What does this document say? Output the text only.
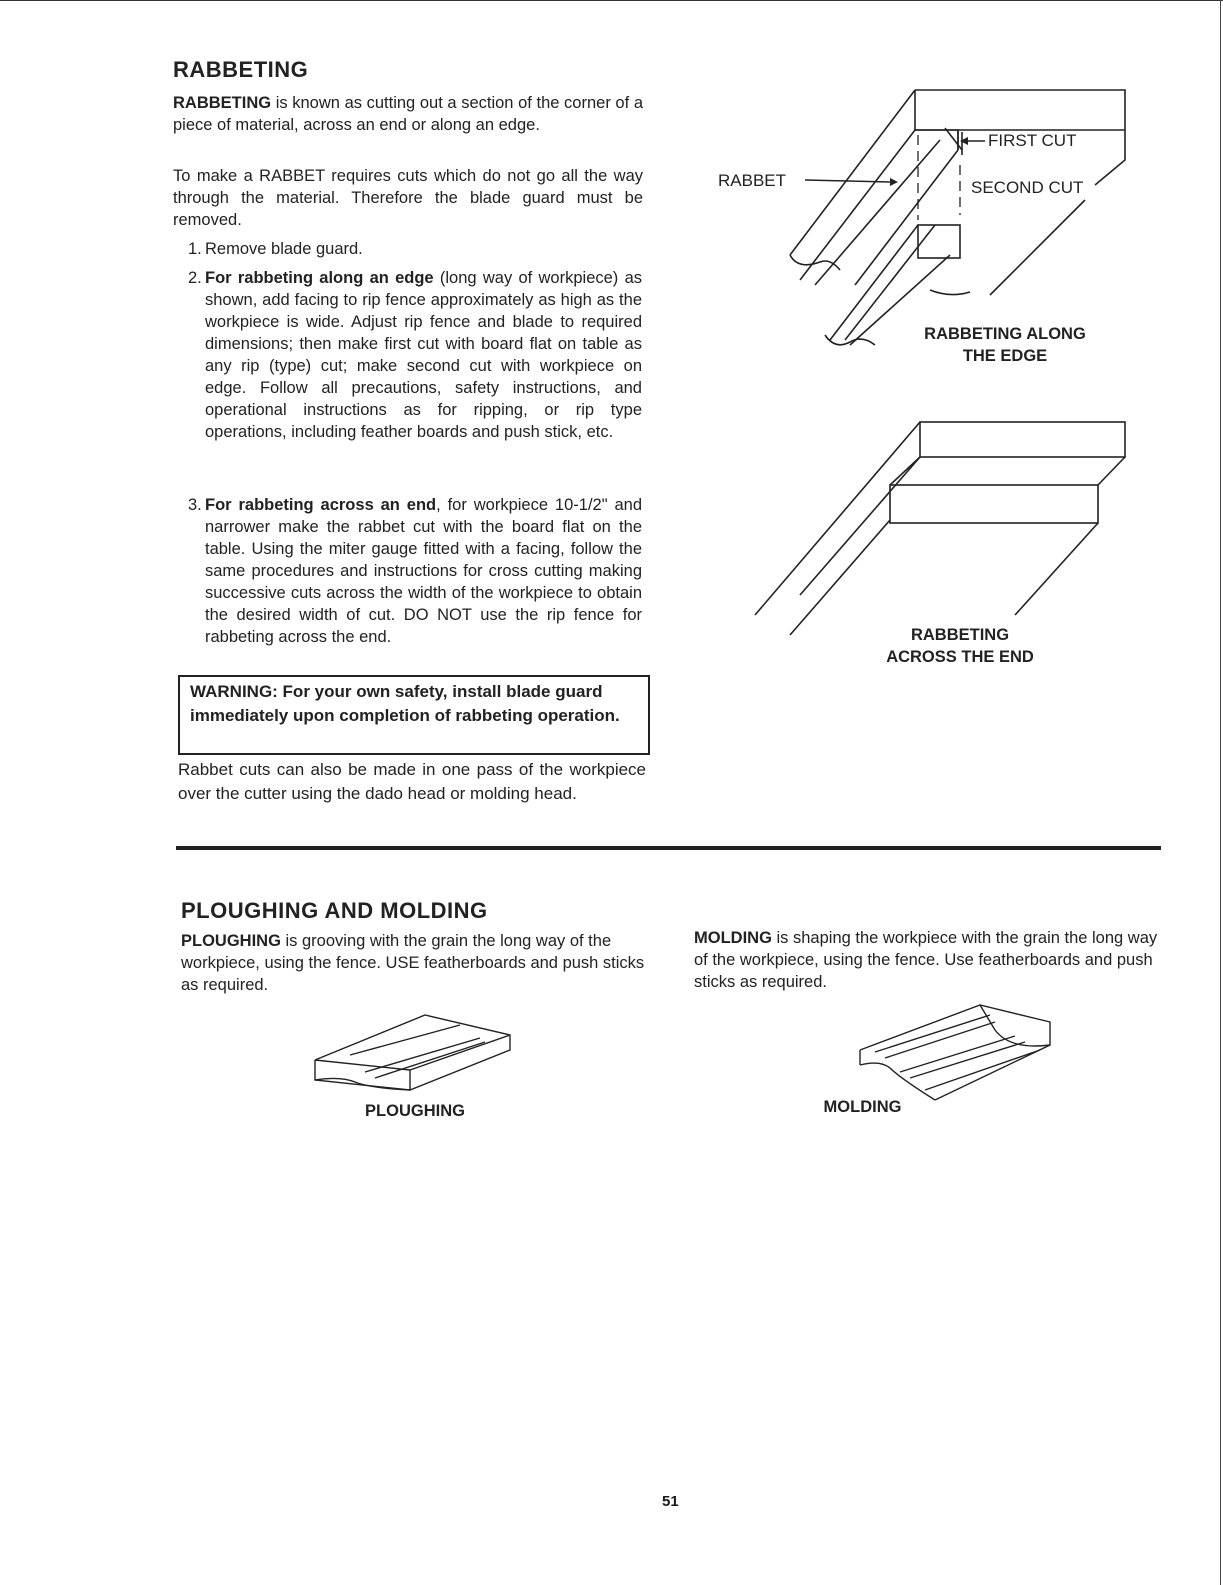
RABBETING
RABBETING is known as cutting out a section of the corner of a piece of material, across an end or along an edge.
To make a RABBET requires cuts which do not go all the way through the material. Therefore the blade guard must be removed.
1. Remove blade guard.
2. For rabbeting along an edge (long way of workpiece) as shown, add facing to rip fence approximately as high as the workpiece is wide. Adjust rip fence and blade to required dimensions; then make first cut with board flat on table as any rip (type) cut; make second cut with workpiece on edge. Follow all precautions, safety instructions, and operational instructions as for ripping, or rip type operations, including feather boards and push stick, etc.
3. For rabbeting across an end, for workpiece 10-1/2" and narrower make the rabbet cut with the board flat on the table. Using the miter gauge fitted with a facing, follow the same procedures and instructions for cross cutting making successive cuts across the width of the workpiece to obtain the desired width of cut. DO NOT use the rip fence for rabbeting across the end.
WARNING: For your own safety, install blade guard immediately upon completion of rabbeting operation.
Rabbet cuts can also be made in one pass of the workpiece over the cutter using the dado head or molding head.
RABBET
FIRST CUT
SECOND CUT
RABBETING ALONG
THE EDGE
RABBETING
ACROSS THE END
PLOUGHING AND MOLDING
PLOUGHING is grooving with the grain the long way of the workpiece, using the fence. USE featherboards and push sticks as required.
MOLDING is shaping the workpiece with the grain the long way of the workpiece, using the fence. Use featherboards and push sticks as required.
PLOUGHING	MOLDING
51
